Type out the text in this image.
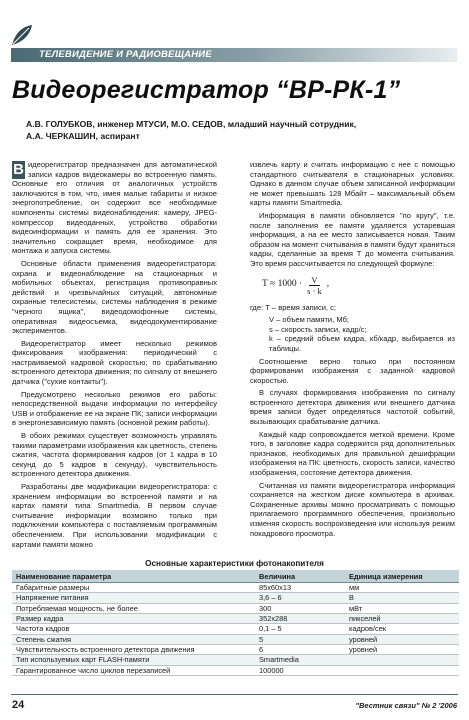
ТЕЛЕВИДЕНИЕ И РАДИОВЕЩАНИЕ
Видеорегистратор “ВР-РК-1”
А.В. ГОЛУБКОВ, инженер МТУСИ, М.О. СЕДОВ, младший научный сотрудник,
А.А. ЧЕРКАШИН, аспирант

В идеорегистратор предназначен для автоматической записи кадров видеокамеры во встроенную память. Основные его отличия от аналогичных устройств заключаются в том, что, имея малые габариты и низкое энергопотребление, он содержит все необходимые компоненты системы видеонаблюдения: камеру, JPEG-компрессор видеоданных, устройство обработки видеоинформации и память для ее хранения. Это значительно сокращает время, необходимое для монтажа и запуска системы.

Основные области применения видеорегистратора: охрана и видеонаблюдение на стационарных и мобильных объектах, регистрация противоправных действий и чрезвычайных ситуаций, автономные охранные телесистемы, системы наблюдения в режиме "черного ящика", видеодомофонные системы, оперативная видеосъемка, видеодокументирование экспериментов.

Видеорегистратор имеет несколько режимов фиксирования изображения: периодический с настраиваемой кадровой скоростью; по срабатыванию встроенного детектора движения; по сигналу от внешнего датчика ("сухие контакты").

Предусмотрено несколько режимов его работы: непосредственной выдачи информации по интерфейсу USB и отображение ее на экране ПК; записи информации в энергонезависимую память (основной режим работы).

В обоих режимах существует возможность управлять такими параметрами изображения как цветность, степень сжатия, частота формирования кадров (от 1 кадра в 10 секунд до 5 кадров в секунду), чувствительность встроенного детектора движения.

Разработаны две модификации видеорегистратора: с хранением информации во встроенной памяти и на картах памяти типа Smartmedia. В первом случае считывание информации возможно только при подключении компьютера с поставляемым программным обеспечением. При использовании модификации с картами памяти можно

извлечь карту и считать информацию с нее с помощью стандартного считывателя в стационарных условиях. Однако в данном случае объем записанной информации не может превышать 128 Мбайт – максимальный объем карты памяти Smartmedia.

Информация в памяти обновляется "по кругу", т.е. после заполнения ее памяти удаляется устаревшая информация, а на ее место записывается новая. Таким образом на момент считывания в памяти будут храниться кадры, сделанные за время Т до момента считывания. Это время рассчитывается по следующей формуле:

$T \approx 1000 \cdot \frac{V}{s \cdot k}$ ,

где: Т – время записи, с;

V – объем памяти, Мб;

s – скорость записи, кадр/с;

k – средний объем кадра, кб/кадр, выбирается из таблицы.

Соотношение верно только при постоянном формировании изображения с заданной кадровой скоростью.

В случаях формирования изображения по сигналу встроенного детектора движения или внешнего датчика время записи будет определяться частотой событий, вызывающих срабатывание датчика.

Каждый кадр сопровождается меткой времени. Кроме того, в заголовке кадра содержится ряд дополнительных признаков, необходимых для правильной дешифрации изображения на ПК: цветность, скорость записи, качество изображения, состояние детектора движения.

Считанная из памяти видеорегистратора информация сохраняется на жестком диске компьютера в архивах. Сохраненные архивы можно просматривать с помощью прилагаемого программного обеспечения, произвольно изменяя скорость воспроизведения или используя режим покадрового просмотра.

Основные характеристики фотонакопителя
Наименование параметра	Величина	Единица измерения
Габаритные размеры	85х60х13	мм
Напряжение питания	3,6 – 6	В
Потребляемая мощность, не более	300	мВт
Размер кадра	352х288	пикселей
Частота кадров	0,1 – 5	кадров/сек
Степень сжатия	5	уровней
Чувствительность встроенного детектора движения	6	уровней
Тип используемых карт FLASH-памяти	Smartmedia	
Гарантированное число циклов перезаписей	100000	
24	"Вестник связи" № 2 '2006
